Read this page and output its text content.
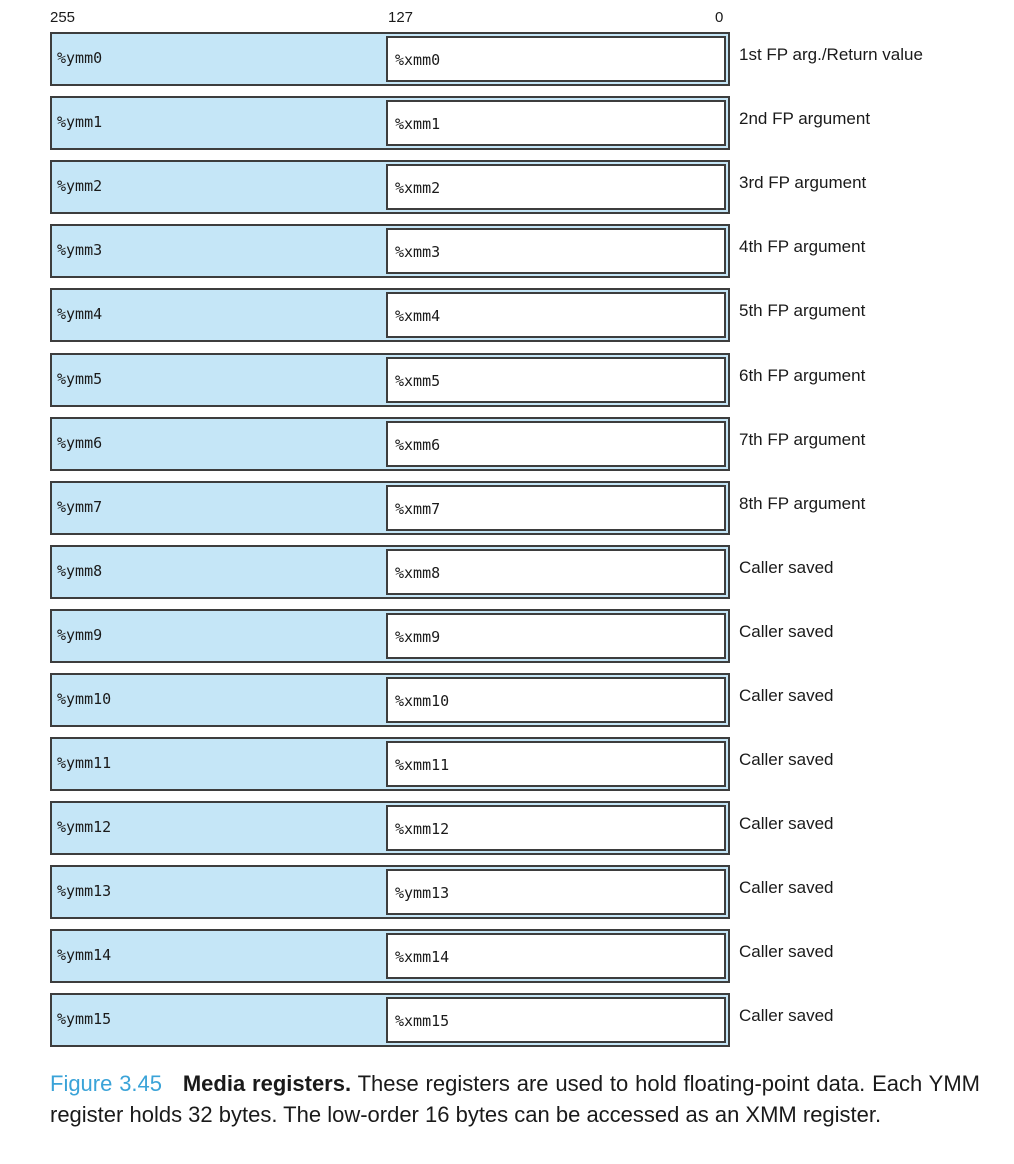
255	127	0
%ymm0	%xmm0	1st FP arg./Return value
%ymm1	%xmm1	2nd FP argument
%ymm2	%xmm2	3rd FP argument
%ymm3	%xmm3	4th FP argument
%ymm4	%xmm4	5th FP argument
%ymm5	%xmm5	6th FP argument
%ymm6	%xmm6	7th FP argument
%ymm7	%xmm7	8th FP argument
%ymm8	%xmm8	Caller saved
%ymm9	%xmm9	Caller saved
%ymm10	%xmm10	Caller saved
%ymm11	%xmm11	Caller saved
%ymm12	%xmm12	Caller saved
%ymm13	%ymm13	Caller saved
%ymm14	%xmm14	Caller saved
%ymm15	%xmm15	Caller saved
Figure 3.45 Media registers. These registers are used to hold floating-point data. Each YMM register holds 32 bytes. The low-order 16 bytes can be accessed as an XMM register.
